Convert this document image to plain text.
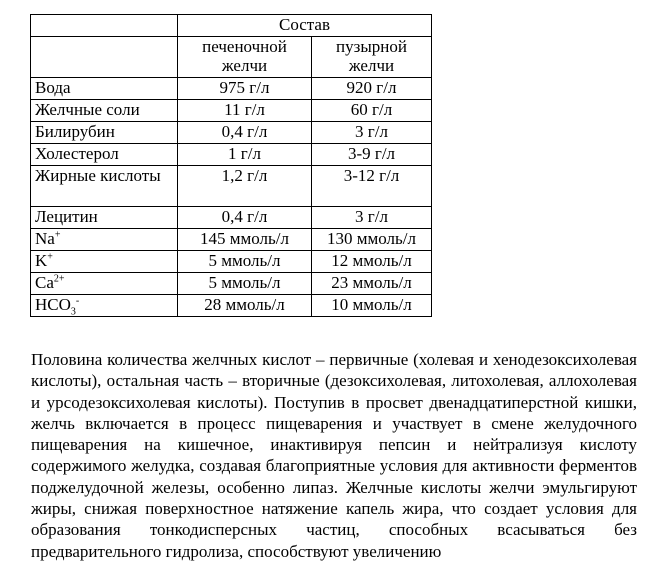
	Состав	
	печеночной желчи	пузырной желчи
Вода	975 г/л	920 г/л
Желчные соли	11 г/л	60 г/л
Билирубин	0,4 г/л	3 г/л
Холестерол	1 г/л	3-9 г/л
Жирные кислоты	1,2 г/л	3-12 г/л
Лецитин	0,4 г/л	3 г/л
Na+	145 ммоль/л	130 ммоль/л
K+	5 ммоль/л	12 ммоль/л
$Ca^{2+}$	5 ммоль/л	23 ммоль/л
$HCO_3^-$	28 ммоль/л	10 ммоль/л

Половина количества желчных кислот – первичные (холевая и хенодезоксихолевая кислоты), остальная часть – вторичные (дезоксихолевая, литохолевая, аллохолевая и урсодезоксихолевая кислоты). Поступив в просвет двенадцатиперстной кишки, желчь включается в процесс пищеварения и участвует в смене желудочного пищеварения на кишечное, инактивируя пепсин и нейтрализуя кислоту содержимого желудка, создавая благоприятные условия для активности ферментов поджелудочной железы, особенно липаз. Желчные кислоты желчи эмульгируют жиры, снижая поверхностное натяжение капель жира, что создает условия для образования тонкодисперсных частиц, способных всасываться без предварительного гидролиза, способствуют увеличению
